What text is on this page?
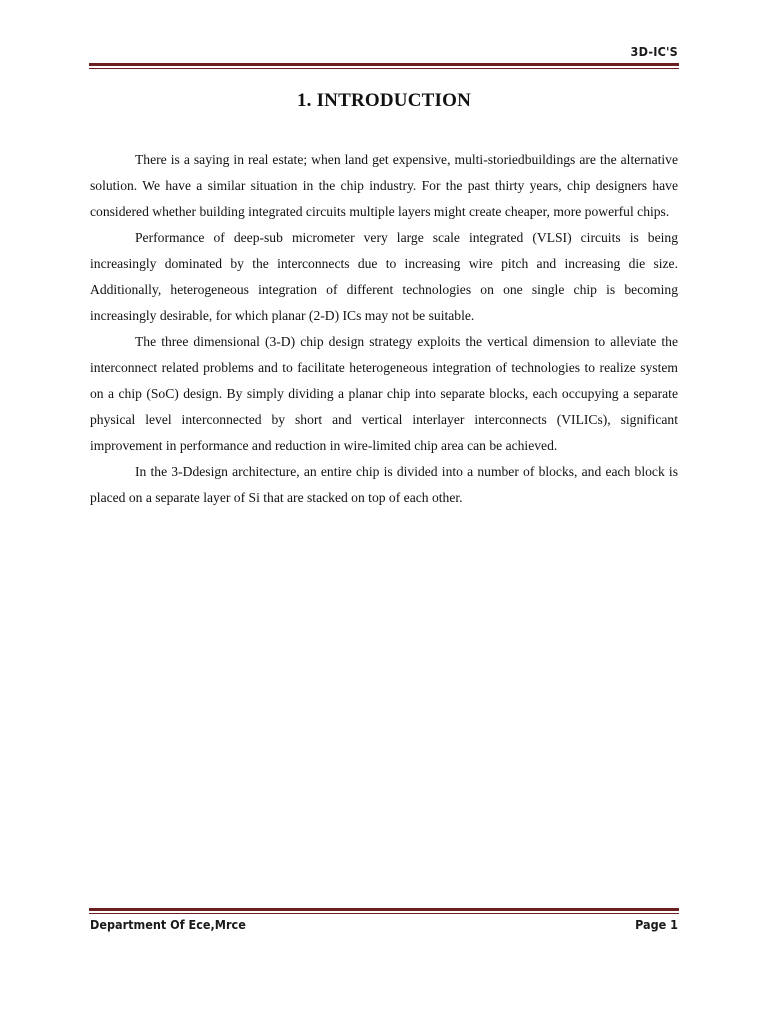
3D-IC'S
1. INTRODUCTION

There is a saying in real estate; when land get expensive, multi-storiedbuildings are the alternative solution. We have a similar situation in the chip industry. For the past thirty years, chip designers have considered whether building integrated circuits multiple layers might create cheaper, more powerful chips.

Performance of deep-sub micrometer very large scale integrated (VLSI) circuits is being increasingly dominated by the interconnects due to increasing wire pitch and increasing die size. Additionally, heterogeneous integration of different technologies on one single chip is becoming increasingly desirable, for which planar (2-D) ICs may not be suitable.

The three dimensional (3-D) chip design strategy exploits the vertical dimension to alleviate the interconnect related problems and to facilitate heterogeneous integration of technologies to realize system on a chip (SoC) design. By simply dividing a planar chip into separate blocks, each occupying a separate physical level interconnected by short and vertical interlayer interconnects (VILICs), significant improvement in performance and reduction in wire-limited chip area can be achieved.

In the 3-Ddesign architecture, an entire chip is divided into a number of blocks, and each block is placed on a separate layer of Si that are stacked on top of each other.

Department Of Ece,Mrce	Page 1
